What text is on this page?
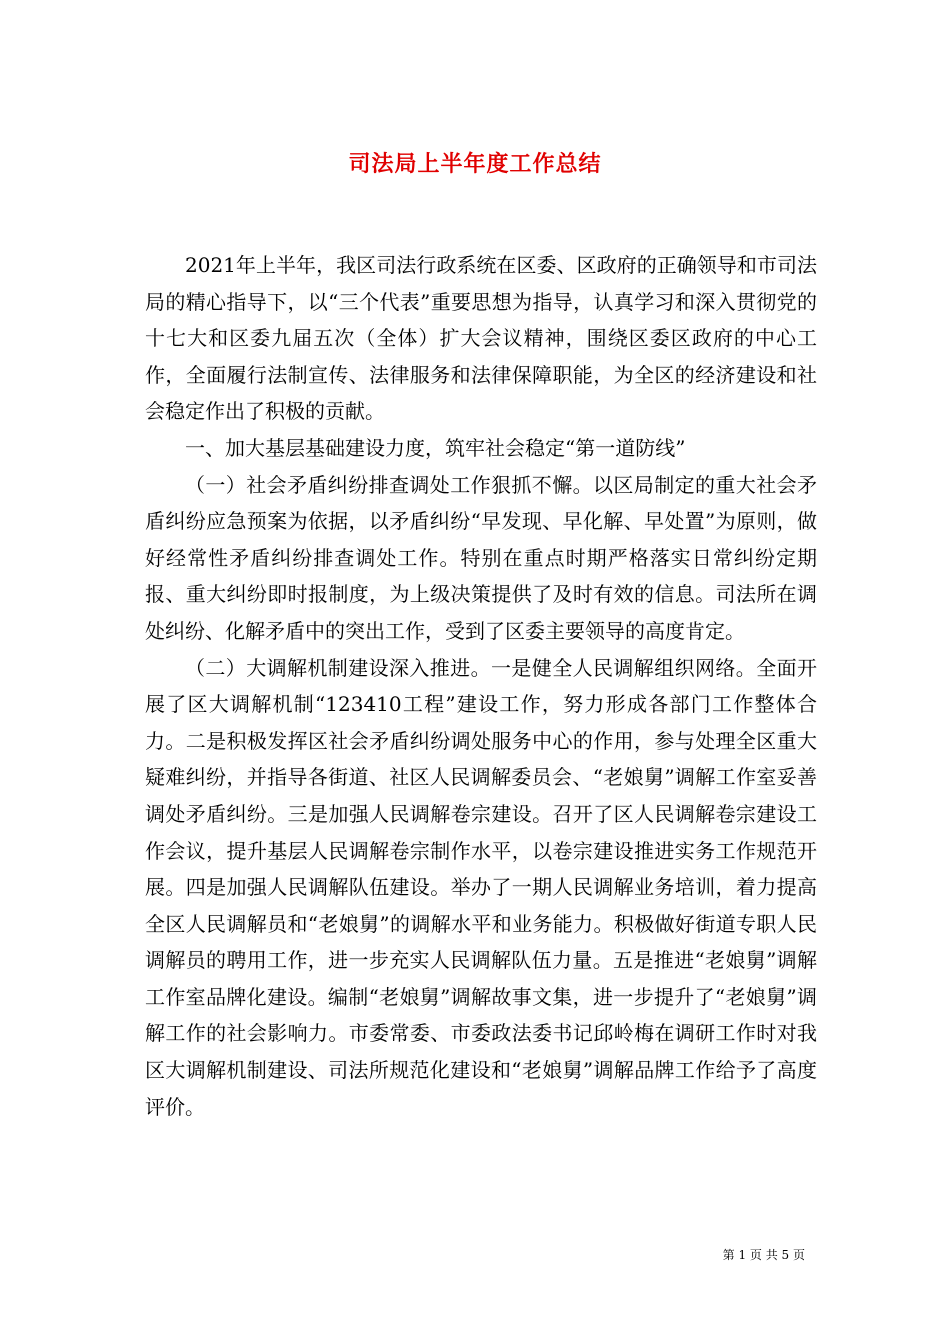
司法局上半年度工作总结

2021年上半年，我区司法行政系统在区委、区政府的正确领导和市司法局的精心指导下，以“三个代表”重要思想为指导，认真学习和深入贯彻党的十七大和区委九届五次（全体）扩大会议精神，围绕区委区政府的中心工作，全面履行法制宣传、法律服务和法律保障职能，为全区的经济建设和社会稳定作出了积极的贡献。

一、加大基层基础建设力度，筑牢社会稳定“第一道防线”

（一）社会矛盾纠纷排查调处工作狠抓不懈。以区局制定的重大社会矛盾纠纷应急预案为依据，以矛盾纠纷“早发现、早化解、早处置”为原则，做好经常性矛盾纠纷排查调处工作。特别在重点时期严格落实日常纠纷定期报、重大纠纷即时报制度，为上级决策提供了及时有效的信息。司法所在调处纠纷、化解矛盾中的突出工作，受到了区委主要领导的高度肯定。

（二）大调解机制建设深入推进。一是健全人民调解组织网络。全面开展了区大调解机制“123410工程”建设工作，努力形成各部门工作整体合力。二是积极发挥区社会矛盾纠纷调处服务中心的作用，参与处理全区重大疑难纠纷，并指导各街道、社区人民调解委员会、“老娘舅”调解工作室妥善调处矛盾纠纷。三是加强人民调解卷宗建设。召开了区人民调解卷宗建设工作会议，提升基层人民调解卷宗制作水平，以卷宗建设推进实务工作规范开展。四是加强人民调解队伍建设。举办了一期人民调解业务培训，着力提高全区人民调解员和“老娘舅”的调解水平和业务能力。积极做好街道专职人民调解员的聘用工作，进一步充实人民调解队伍力量。五是推进“老娘舅”调解工作室品牌化建设。编制“老娘舅”调解故事文集，进一步提升了“老娘舅”调解工作的社会影响力。市委常委、市委政法委书记邱岭梅在调研工作时对我区大调解机制建设、司法所规范化建设和“老娘舅”调解品牌工作给予了高度评价。

第 1 页 共 5 页
